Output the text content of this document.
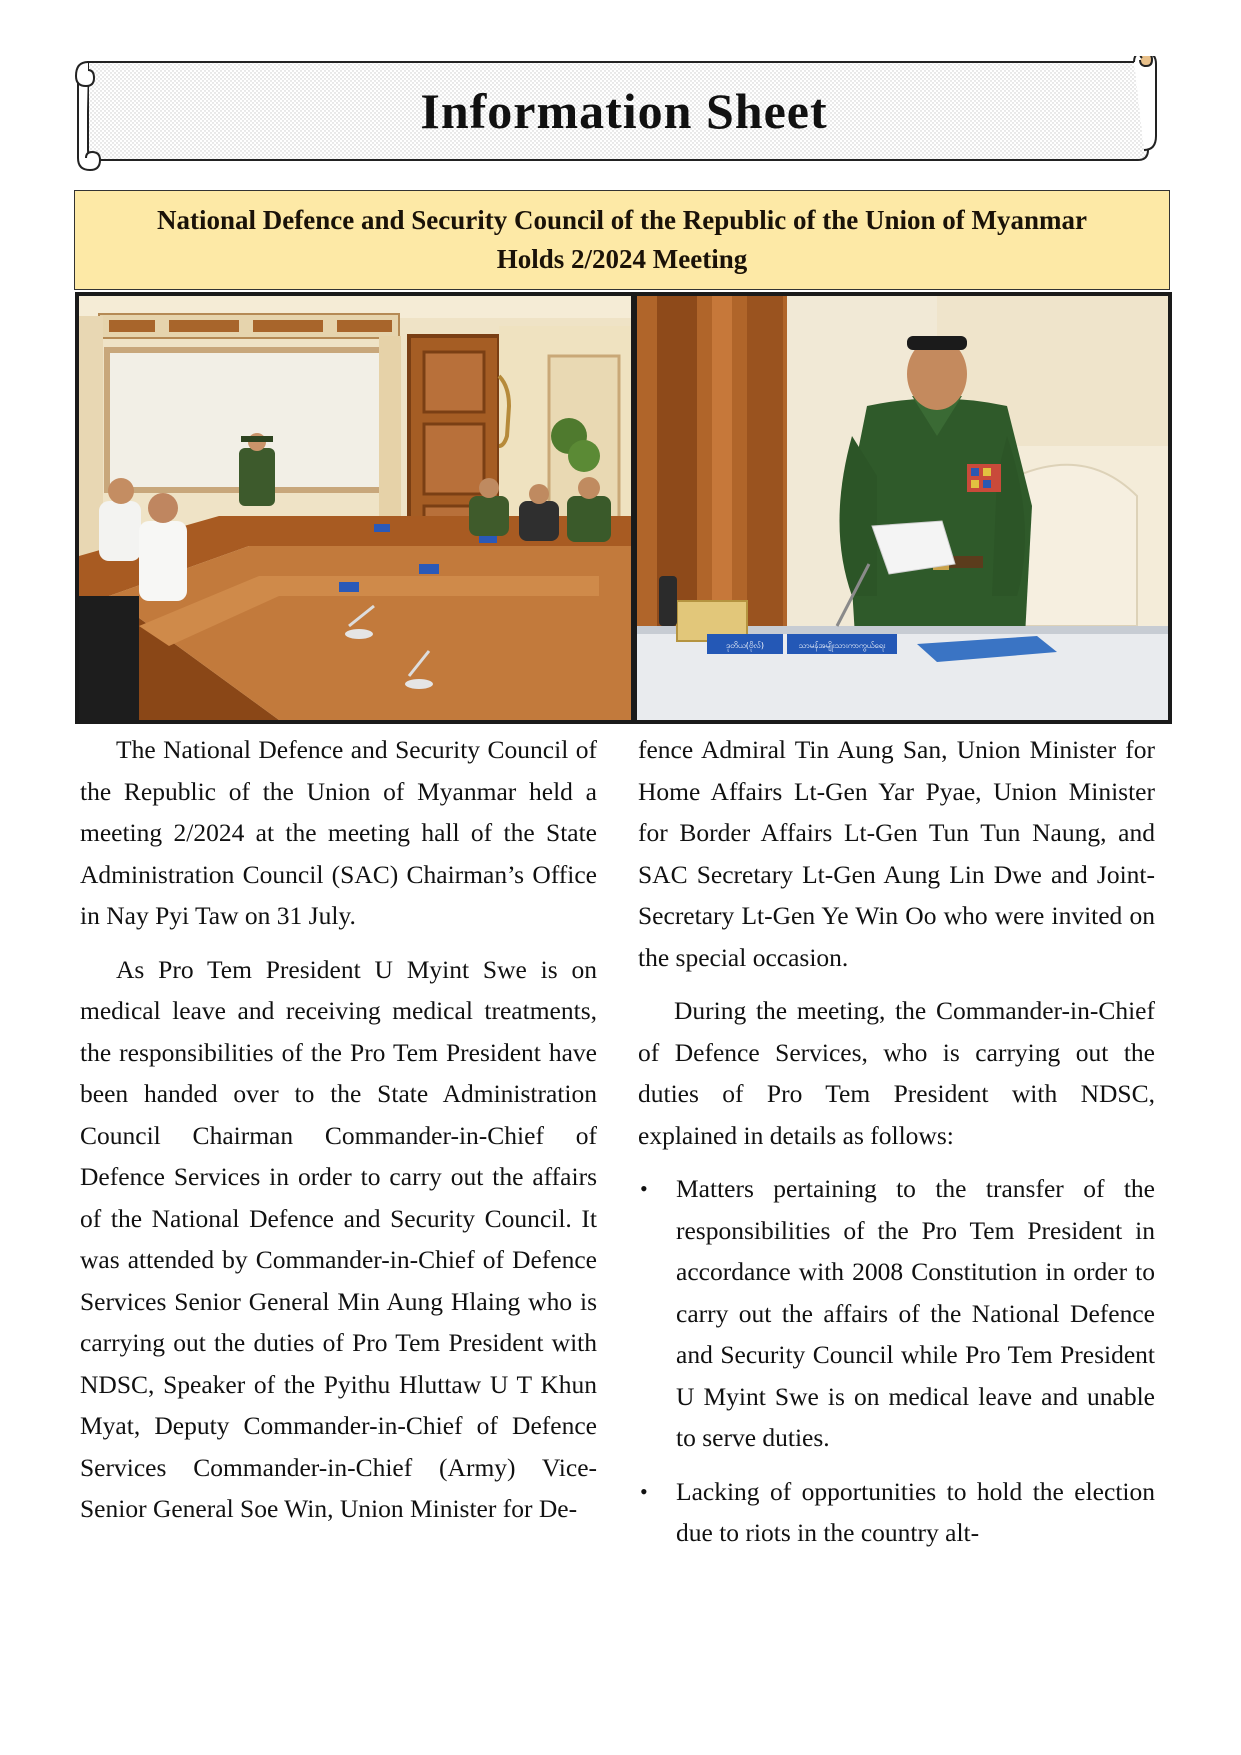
Information Sheet
National Defence and Security Council of the Republic of the Union of Myanmar
Holds 2/2024 Meeting
ဒုတိယ(ဗိုလ်)	သာမန်အမျိုးသားကာကွယ်ရေး

The National Defence and Security Council of the Republic of the Union of Myanmar held a meeting 2/2024 at the meeting hall of the State Administration Council (SAC) Chairman’s Office in Nay Pyi Taw on 31 July.

As Pro Tem President U Myint Swe is on medical leave and receiving medical treatments, the responsibilities of the Pro Tem President have been handed over to the State Administration Council Chairman Commander-in-Chief of Defence Services in order to carry out the affairs of the National Defence and Security Council. It was attended by Commander-in-Chief of Defence Services Senior General Min Aung Hlaing who is carrying out the duties of Pro Tem President with NDSC, Speaker of the Pyithu Hluttaw U T Khun Myat, Deputy Commander-in-Chief of Defence Services Commander-in-Chief (Army) Vice-Senior General Soe Win, Union Minister for De-

fence Admiral Tin Aung San, Union Minister for Home Affairs Lt-Gen Yar Pyae, Union Minister for Border Affairs Lt-Gen Tun Tun Naung, and SAC Secretary Lt-Gen Aung Lin Dwe and Joint-Secretary Lt-Gen Ye Win Oo who were invited on the special occasion.

During the meeting, the Commander-in-Chief of Defence Services, who is carrying out the duties of Pro Tem President with NDSC, explained in details as follows:

• Matters pertaining to the transfer of the responsibilities of the Pro Tem President in accordance with 2008 Constitution in order to carry out the affairs of the National Defence and Security Council while Pro Tem President U Myint Swe is on medical leave and unable to serve duties.
• Lacking of opportunities to hold the election due to riots in the country alt-
